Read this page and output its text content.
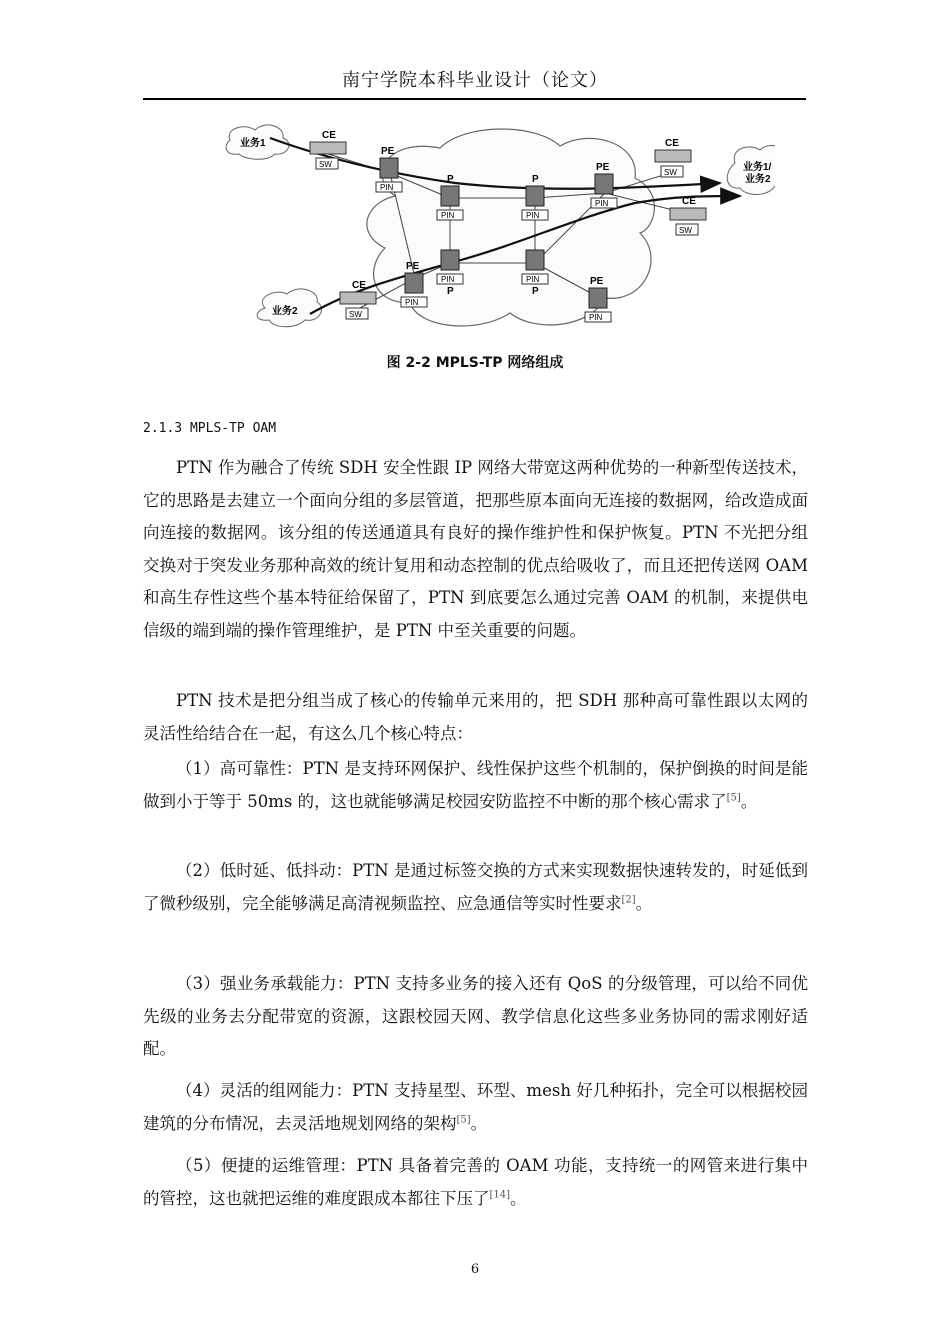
南宁学院本科毕业设计（论文）
业务1
业务2
业务1/
业务2
CE
SW
CE
SW
CE
SW
CE
SW
PE
PIN
P
PIN
P
PIN
PE
PIN
PIN
P
PIN
P
PE
PIN
PE
PIN
图 2-2 MPLS-TP 网络组成
2.1.3 MPLS-TP OAM
PTN 作为融合了传统 SDH 安全性跟 IP 网络大带宽这两种优势的一种新型传送技术，它的思路是去建立一个面向分组的多层管道，把那些原本面向无连接的数据网，给改造成面向连接的数据网。该分组的传送通道具有良好的操作维护性和保护恢复。PTN 不光把分组交换对于突发业务那种高效的统计复用和动态控制的优点给吸收了，而且还把传送网 OAM 和高生存性这些个基本特征给保留了，PTN 到底要怎么通过完善 OAM 的机制，来提供电信级的端到端的操作管理维护，是 PTN 中至关重要的问题。
PTN 技术是把分组当成了核心的传输单元来用的，把 SDH 那种高可靠性跟以太网的灵活性给结合在一起，有这么几个核心特点：
（1）高可靠性：PTN 是支持环网保护、线性保护这些个机制的，保护倒换的时间是能做到小于等于 50ms 的，这也就能够满足校园安防监控不中断的那个核心需求了[5]。
（2）低时延、低抖动：PTN 是通过标签交换的方式来实现数据快速转发的，时延低到了微秒级别，完全能够满足高清视频监控、应急通信等实时性要求[2]。
（3）强业务承载能力：PTN 支持多业务的接入还有 QoS 的分级管理，可以给不同优先级的业务去分配带宽的资源，这跟校园天网、教学信息化这些多业务协同的需求刚好适配。
（4）灵活的组网能力：PTN 支持星型、环型、mesh 好几种拓扑，完全可以根据校园建筑的分布情况，去灵活地规划网络的架构[5]。
（5）便捷的运维管理：PTN 具备着完善的 OAM 功能，支持统一的网管来进行集中的管控，这也就把运维的难度跟成本都往下压了[14]。
6
